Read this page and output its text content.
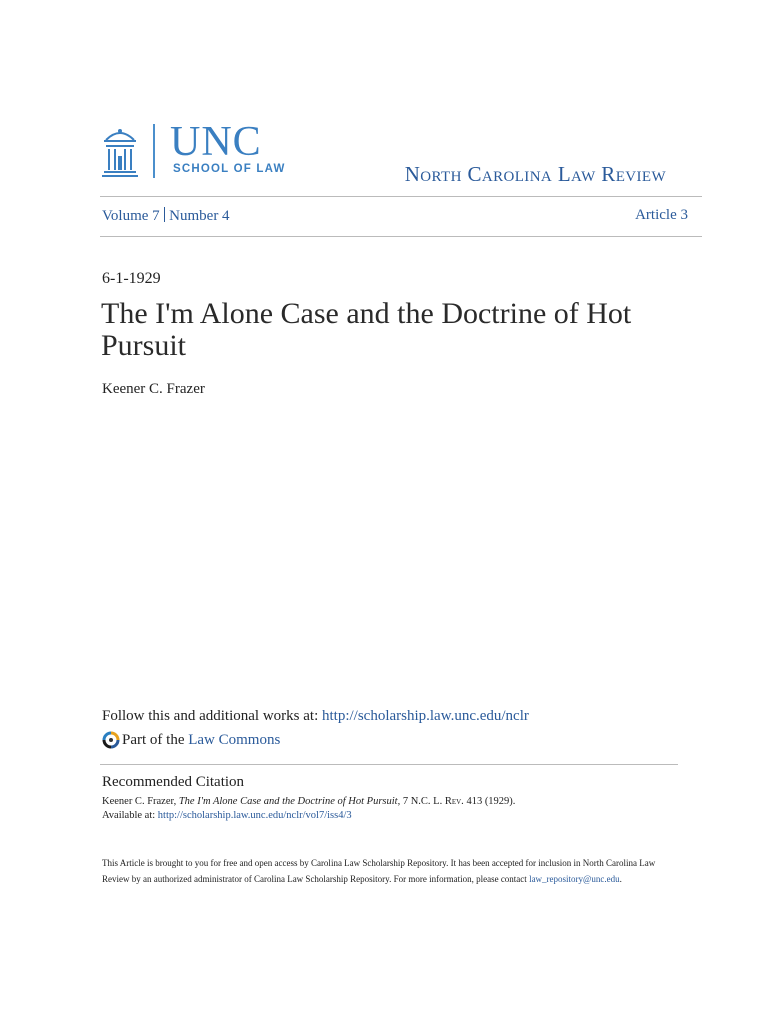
UNC
SCHOOL OF LAW	North Carolina Law Review
Volume 7 Number 4	Article 3
6-1-1929
The I'm Alone Case and the Doctrine of Hot Pursuit
Keener C. Frazer
Follow this and additional works at: http://scholarship.law.unc.edu/nclr
Part of the
Law Commons
Recommended Citation
Keener C. Frazer, The I'm Alone Case and the Doctrine of Hot Pursuit, 7 N.C. L. Rev. 413 (1929).
Available at: http://scholarship.law.unc.edu/nclr/vol7/iss4/3
This Article is brought to you for free and open access by Carolina Law Scholarship Repository. It has been accepted for inclusion in North Carolina Law Review by an authorized administrator of Carolina Law Scholarship Repository. For more information, please contact law_repository@unc.edu.
